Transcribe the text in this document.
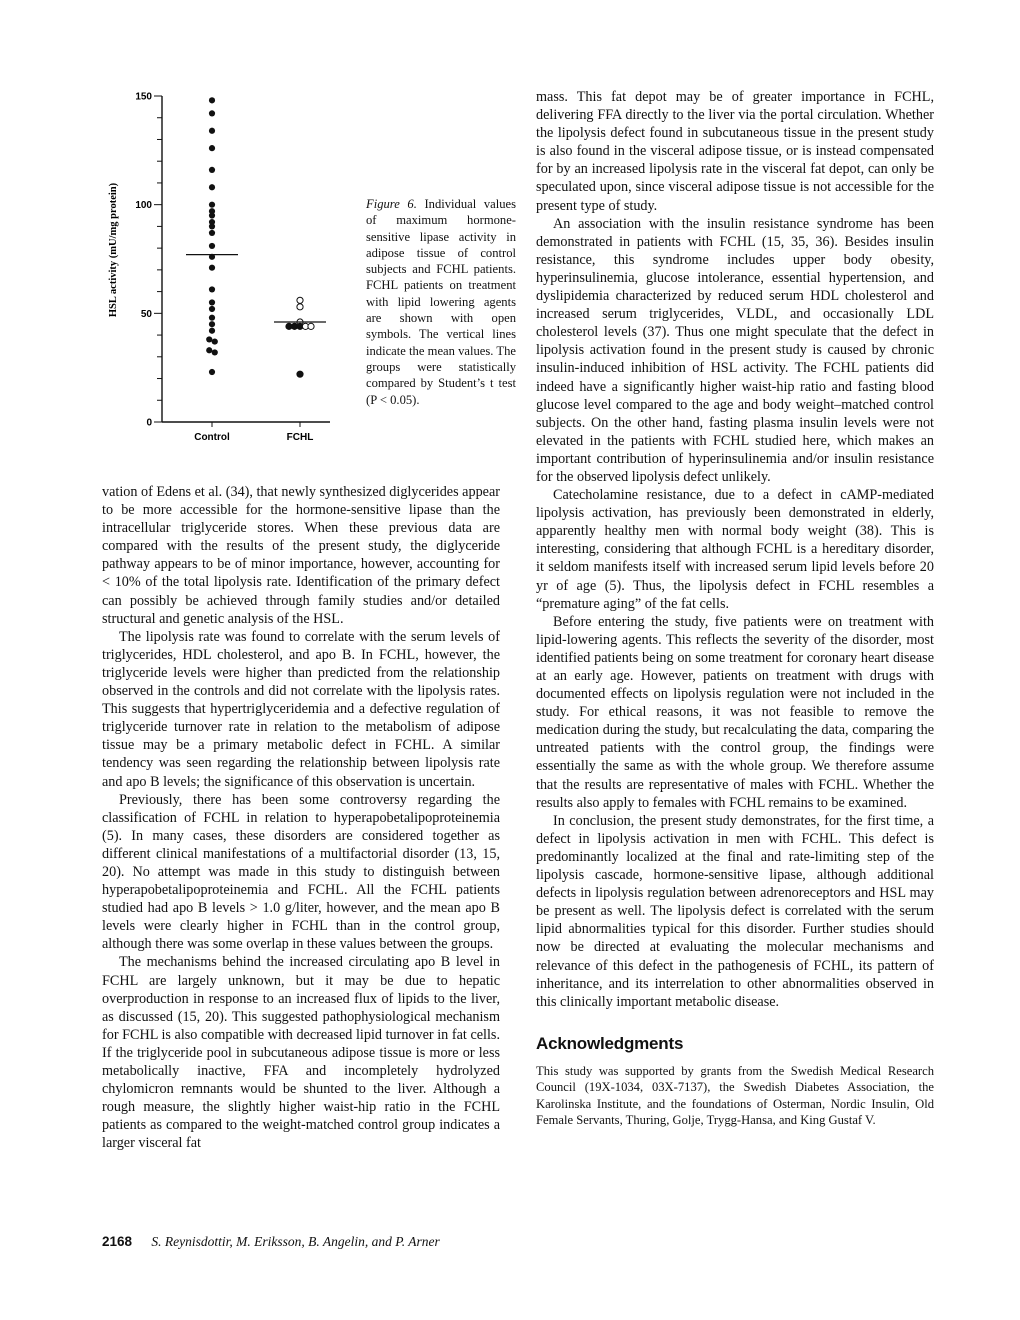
0
50
100
150
Control	FCHL
HSL activity (mU/mg protein)	Figure 6. Individual values of maximum hormone-sensitive lipase activity in adipose tissue of control subjects and FCHL patients. FCHL patients on treatment with lipid lowering agents are shown with open symbols. The vertical lines indicate the mean values. The groups were statistically compared by Student’s t test (P < 0.05).

vation of Edens et al. (34), that newly synthesized diglycerides appear to be more accessible for the hormone-sensitive lipase than the intracellular triglyceride stores. When these previous data are compared with the results of the present study, the diglyceride pathway appears to be of minor importance, however, accounting for < 10% of the total lipolysis rate. Identification of the primary defect can possibly be achieved through family studies and/or detailed structural and genetic analysis of the HSL.

The lipolysis rate was found to correlate with the serum levels of triglycerides, HDL cholesterol, and apo B. In FCHL, however, the triglyceride levels were higher than predicted from the relationship observed in the controls and did not correlate with the lipolysis rates. This suggests that hypertriglyceridemia and a defective regulation of triglyceride turnover rate in relation to the metabolism of adipose tissue may be a primary metabolic defect in FCHL. A similar tendency was seen regarding the relationship between lipolysis rate and apo B levels; the significance of this observation is uncertain.

Previously, there has been some controversy regarding the classification of FCHL in relation to hyperapobetalipoproteinemia (5). In many cases, these disorders are considered together as different clinical manifestations of a multifactorial disorder (13, 15, 20). No attempt was made in this study to distinguish between hyperapobetalipoproteinemia and FCHL. All the FCHL patients studied had apo B levels > 1.0 g/liter, however, and the mean apo B levels were clearly higher in FCHL than in the control group, although there was some overlap in these values between the groups.

The mechanisms behind the increased circulating apo B level in FCHL are largely unknown, but it may be due to hepatic overproduction in response to an increased flux of lipids to the liver, as discussed (15, 20). This suggested pathophysiological mechanism for FCHL is also compatible with decreased lipid turnover in fat cells. If the triglyceride pool in subcutaneous adipose tissue is more or less metabolically inactive, FFA and incompletely hydrolyzed chylomicron remnants would be shunted to the liver. Although a rough measure, the slightly higher waist-hip ratio in the FCHL patients as compared to the weight-matched control group indicates a larger visceral fat

mass. This fat depot may be of greater importance in FCHL, delivering FFA directly to the liver via the portal circulation. Whether the lipolysis defect found in subcutaneous tissue in the present study is also found in the visceral adipose tissue, or is instead compensated for by an increased lipolysis rate in the visceral fat depot, can only be speculated upon, since visceral adipose tissue is not accessible for the present type of study.

An association with the insulin resistance syndrome has been demonstrated in patients with FCHL (15, 35, 36). Besides insulin resistance, this syndrome includes upper body obesity, hyperinsulinemia, glucose intolerance, essential hypertension, and dyslipidemia characterized by reduced serum HDL cholesterol and increased serum triglycerides, VLDL, and occasionally LDL cholesterol levels (37). Thus one might speculate that the defect in lipolysis activation found in the present study is caused by chronic insulin-induced inhibition of HSL activity. The FCHL patients did indeed have a significantly higher waist-hip ratio and fasting blood glucose level compared to the age and body weight–matched control subjects. On the other hand, fasting plasma insulin levels were not elevated in the patients with FCHL studied here, which makes an important contribution of hyperinsulinemia and/or insulin resistance for the observed lipolysis defect unlikely.

Catecholamine resistance, due to a defect in cAMP-mediated lipolysis activation, has previously been demonstrated in elderly, apparently healthy men with normal body weight (38). This is interesting, considering that although FCHL is a hereditary disorder, it seldom manifests itself with increased serum lipid levels before 20 yr of age (5). Thus, the lipolysis defect in FCHL resembles a “premature aging” of the fat cells.

Before entering the study, five patients were on treatment with lipid-lowering agents. This reflects the severity of the disorder, most identified patients being on some treatment for coronary heart disease at an early age. However, patients on treatment with drugs with documented effects on lipolysis regulation were not included in the study. For ethical reasons, it was not feasible to remove the medication during the study, but recalculating the data, comparing the untreated patients with the control group, the findings were essentially the same as with the whole group. We therefore assume that the results are representative of males with FCHL. Whether the results also apply to females with FCHL remains to be examined.

In conclusion, the present study demonstrates, for the first time, a defect in lipolysis activation in men with FCHL. This defect is predominantly localized at the final and rate-limiting step of the lipolysis cascade, hormone-sensitive lipase, although additional defects in lipolysis regulation between adrenoreceptors and HSL may be present as well. The lipolysis defect is correlated with the serum lipid abnormalities typical for this disorder. Further studies should now be directed at evaluating the molecular mechanisms and relevance of this defect in the pathogenesis of FCHL, its pattern of inheritance, and its interrelation to other abnormalities observed in this clinically important metabolic disease.

Acknowledgments

This study was supported by grants from the Swedish Medical Research Council (19X-1034, 03X-7137), the Swedish Diabetes Association, the Karolinska Institute, and the foundations of Osterman, Nordic Insulin, Old Female Servants, Thuring, Golje, Trygg-Hansa, and King Gustaf V.

2168 S. Reynisdottir, M. Eriksson, B. Angelin, and P. Arner
